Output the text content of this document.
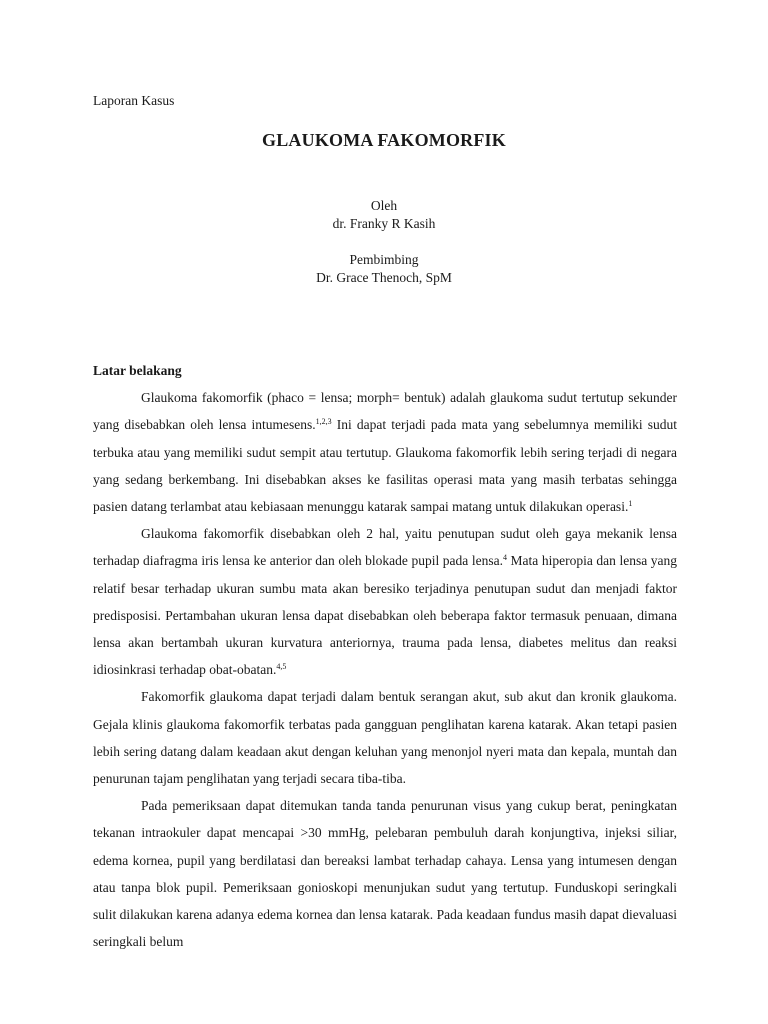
Laporan Kasus
GLAUKOMA FAKOMORFIK
Oleh
dr. Franky R Kasih
Pembimbing
Dr. Grace Thenoch, SpM
Latar belakang

Glaukoma fakomorfik (phaco = lensa; morph= bentuk) adalah glaukoma sudut tertutup sekunder yang disebabkan oleh lensa intumesens.$^{1,2,3}$ Ini dapat terjadi pada mata yang sebelumnya memiliki sudut terbuka atau yang memiliki sudut sempit atau tertutup. Glaukoma fakomorfik lebih sering terjadi di negara yang sedang berkembang. Ini disebabkan akses ke fasilitas operasi mata yang masih terbatas sehingga pasien datang terlambat atau kebiasaan menunggu katarak sampai matang untuk dilakukan operasi.$^1$

Glaukoma fakomorfik disebabkan oleh 2 hal, yaitu penutupan sudut oleh gaya mekanik lensa terhadap diafragma iris lensa ke anterior dan oleh blokade pupil pada lensa.$^4$ Mata hiperopia dan lensa yang relatif besar terhadap ukuran sumbu mata akan beresiko terjadinya penutupan sudut dan menjadi faktor predisposisi. Pertambahan ukuran lensa dapat disebabkan oleh beberapa faktor termasuk penuaan, dimana lensa akan bertambah ukuran kurvatura anteriornya, trauma pada lensa, diabetes melitus dan reaksi idiosinkrasi terhadap obat-obatan.$^{4,5}$

Fakomorfik glaukoma dapat terjadi dalam bentuk serangan akut, sub akut dan kronik glaukoma. Gejala klinis glaukoma fakomorfik terbatas pada gangguan penglihatan karena katarak. Akan tetapi pasien lebih sering datang dalam keadaan akut dengan keluhan yang menonjol nyeri mata dan kepala, muntah dan penurunan tajam penglihatan yang terjadi secara tiba-tiba.

Pada pemeriksaan dapat ditemukan tanda tanda penurunan visus yang cukup berat, peningkatan tekanan intraokuler dapat mencapai >30 mmHg, pelebaran pembuluh darah konjungtiva, injeksi siliar, edema kornea, pupil yang berdilatasi dan bereaksi lambat terhadap cahaya. Lensa yang intumesen dengan atau tanpa blok pupil. Pemeriksaan gonioskopi menunjukan sudut yang tertutup. Funduskopi seringkali sulit dilakukan karena adanya edema kornea dan lensa katarak. Pada keadaan fundus masih dapat dievaluasi seringkali belum
